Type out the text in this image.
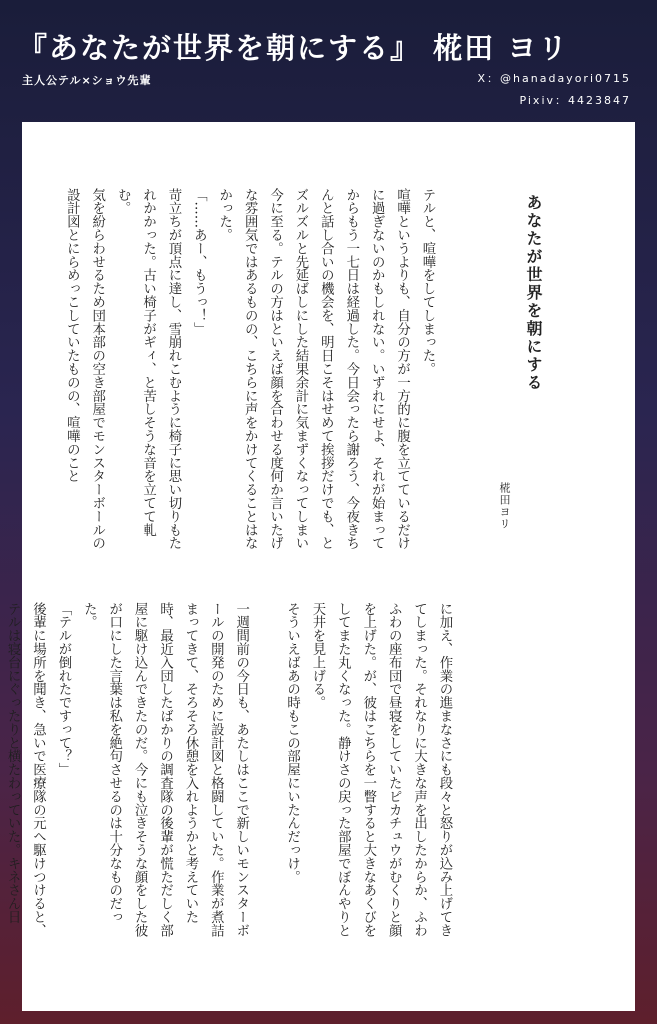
『あなたが世界を朝にする』 椛田 ヨリ
主人公テル×ショウ先輩	X：@hanadayori0715
Pixiv：4423847
あなたが世界を朝にする
椛田ヨリ

テルと、喧嘩をしてしまった。

喧嘩というよりも、自分の方が一方的に腹を立てているだけに過ぎないのかもしれない。いずれにせよ、それが始まってからもう一七日は経過した。今日会ったら謝ろう、今夜きちんと話し合いの機会を、明日こそはせめて挨拶だけでも、とズルズルと先延ばしにした結果余計に気まずくなってしまい今に至る。テルの方はといえば顔を合わせる度何か言いたげな雰囲気ではあるものの、こちらに声をかけてくることはなかった。

「……あー、もうっ！」

苛立ちが頂点に達し、雪崩れこむように椅子に思い切りもたれかかった。古い椅子がギィ、と苦しそうな音を立てて軋む。

気を紛らわせるため団本部の空き部屋でモンスターボールの設計図とにらめっこしていたものの、喧嘩のこと

に加え、作業の進まなさにも段々と怒りが込み上げてきてしまった。それなりに大きな声を出したからか、ふわふわの座布団で昼寝をしていたピカチュウがむくりと顔を上げた。が、彼はこちらを一瞥すると大きなあくびをしてまた丸くなった。静けさの戻った部屋でぼんやりと天井を見上げる。

そういえばあの時もこの部屋にいたんだっけ。

一週間前の今日も、あたしはここで新しいモンスターボールの開発のために設計図と格闘していた。作業が煮詰まってきて、そろそろ休憩を入れようかと考えていた時、最近入団したばかりの調査隊の後輩が慌ただしく部屋に駆け込んできたのだ。今にも泣きそうな顔をした彼が口にした言葉は私を絶句させるのは十分なものだった。

「テルが倒れたですって？」

後輩に場所を聞き、急いで医療隊の元へ駆けつけると、テルは寝台にぐったりと横たわっていた。キネさん日
